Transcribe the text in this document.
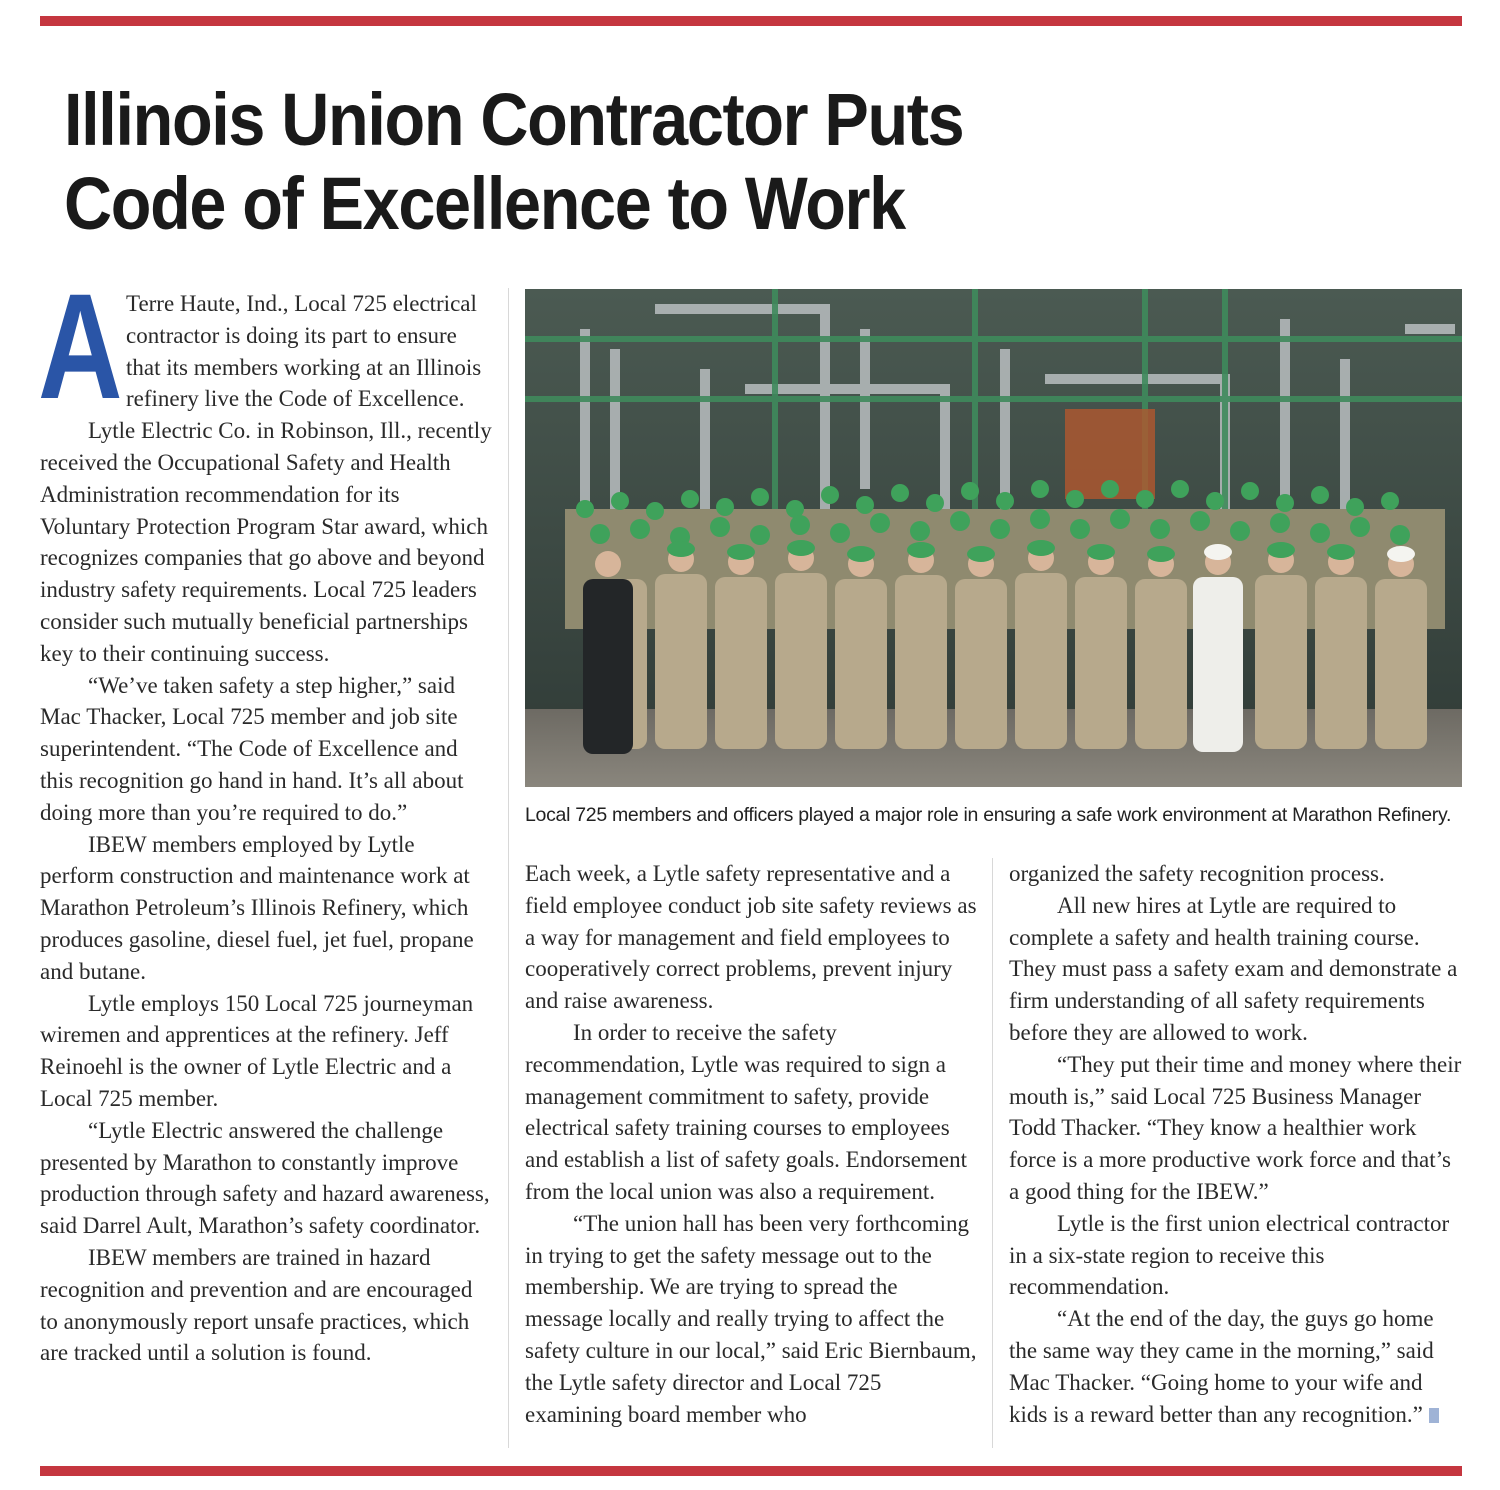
Illinois Union Contractor Puts
Code of Excellence to Work
A Terre Haute, Ind., Local 725 electrical contractor is doing its part to ensure that its members working at an Illinois refinery live the Code of Excellence.

Lytle Electric Co. in Robinson, Ill., recently received the Occupational Safety and Health Administration recommendation for its Voluntary Protection Program Star award, which recognizes companies that go above and beyond industry safety requirements. Local 725 leaders consider such mutually beneficial partnerships key to their continuing success.

“We’ve taken safety a step higher,” said Mac Thacker, Local 725 member and job site superintendent. “The Code of Excellence and this recognition go hand in hand. It’s all about doing more than you’re required to do.”

IBEW members employed by Lytle perform construction and maintenance work at Marathon Petroleum’s Illinois Refinery, which produces gasoline, diesel fuel, jet fuel, propane and butane.

Lytle employs 150 Local 725 journeyman wiremen and apprentices at the refinery. Jeff Reinoehl is the owner of Lytle Electric and a Local 725 member.

“Lytle Electric answered the challenge presented by Marathon to constantly improve production through safety and hazard awareness, said Darrel Ault, Marathon’s safety coordinator.

IBEW members are trained in hazard recognition and prevention and are encouraged to anonymously report unsafe practices, which are tracked until a solution is found.

Local 725 members and officers played a major role in ensuring a safe work environment at Marathon Refinery.

Each week, a Lytle safety representative and a field employee conduct job site safety reviews as a way for management and field employees to cooperatively correct problems, prevent injury and raise awareness.

In order to receive the safety recommendation, Lytle was required to sign a management commitment to safety, provide electrical safety training courses to employees and establish a list of safety goals. Endorsement from the local union was also a requirement.

“The union hall has been very forthcoming in trying to get the safety message out to the membership. We are trying to spread the message locally and really trying to affect the safety culture in our local,” said Eric Biernbaum, the Lytle safety director and Local 725 examining board member who

organized the safety recognition process.

All new hires at Lytle are required to complete a safety and health training course. They must pass a safety exam and demonstrate a firm understanding of all safety requirements before they are allowed to work.

“They put their time and money where their mouth is,” said Local 725 Business Manager Todd Thacker. “They know a healthier work force is a more productive work force and that’s a good thing for the IBEW.”

Lytle is the first union electrical contractor in a six-state region to receive this recommendation.

“At the end of the day, the guys go home the same way they came in the morning,” said Mac Thacker. “Going home to your wife and kids is a reward better than any recognition.”
